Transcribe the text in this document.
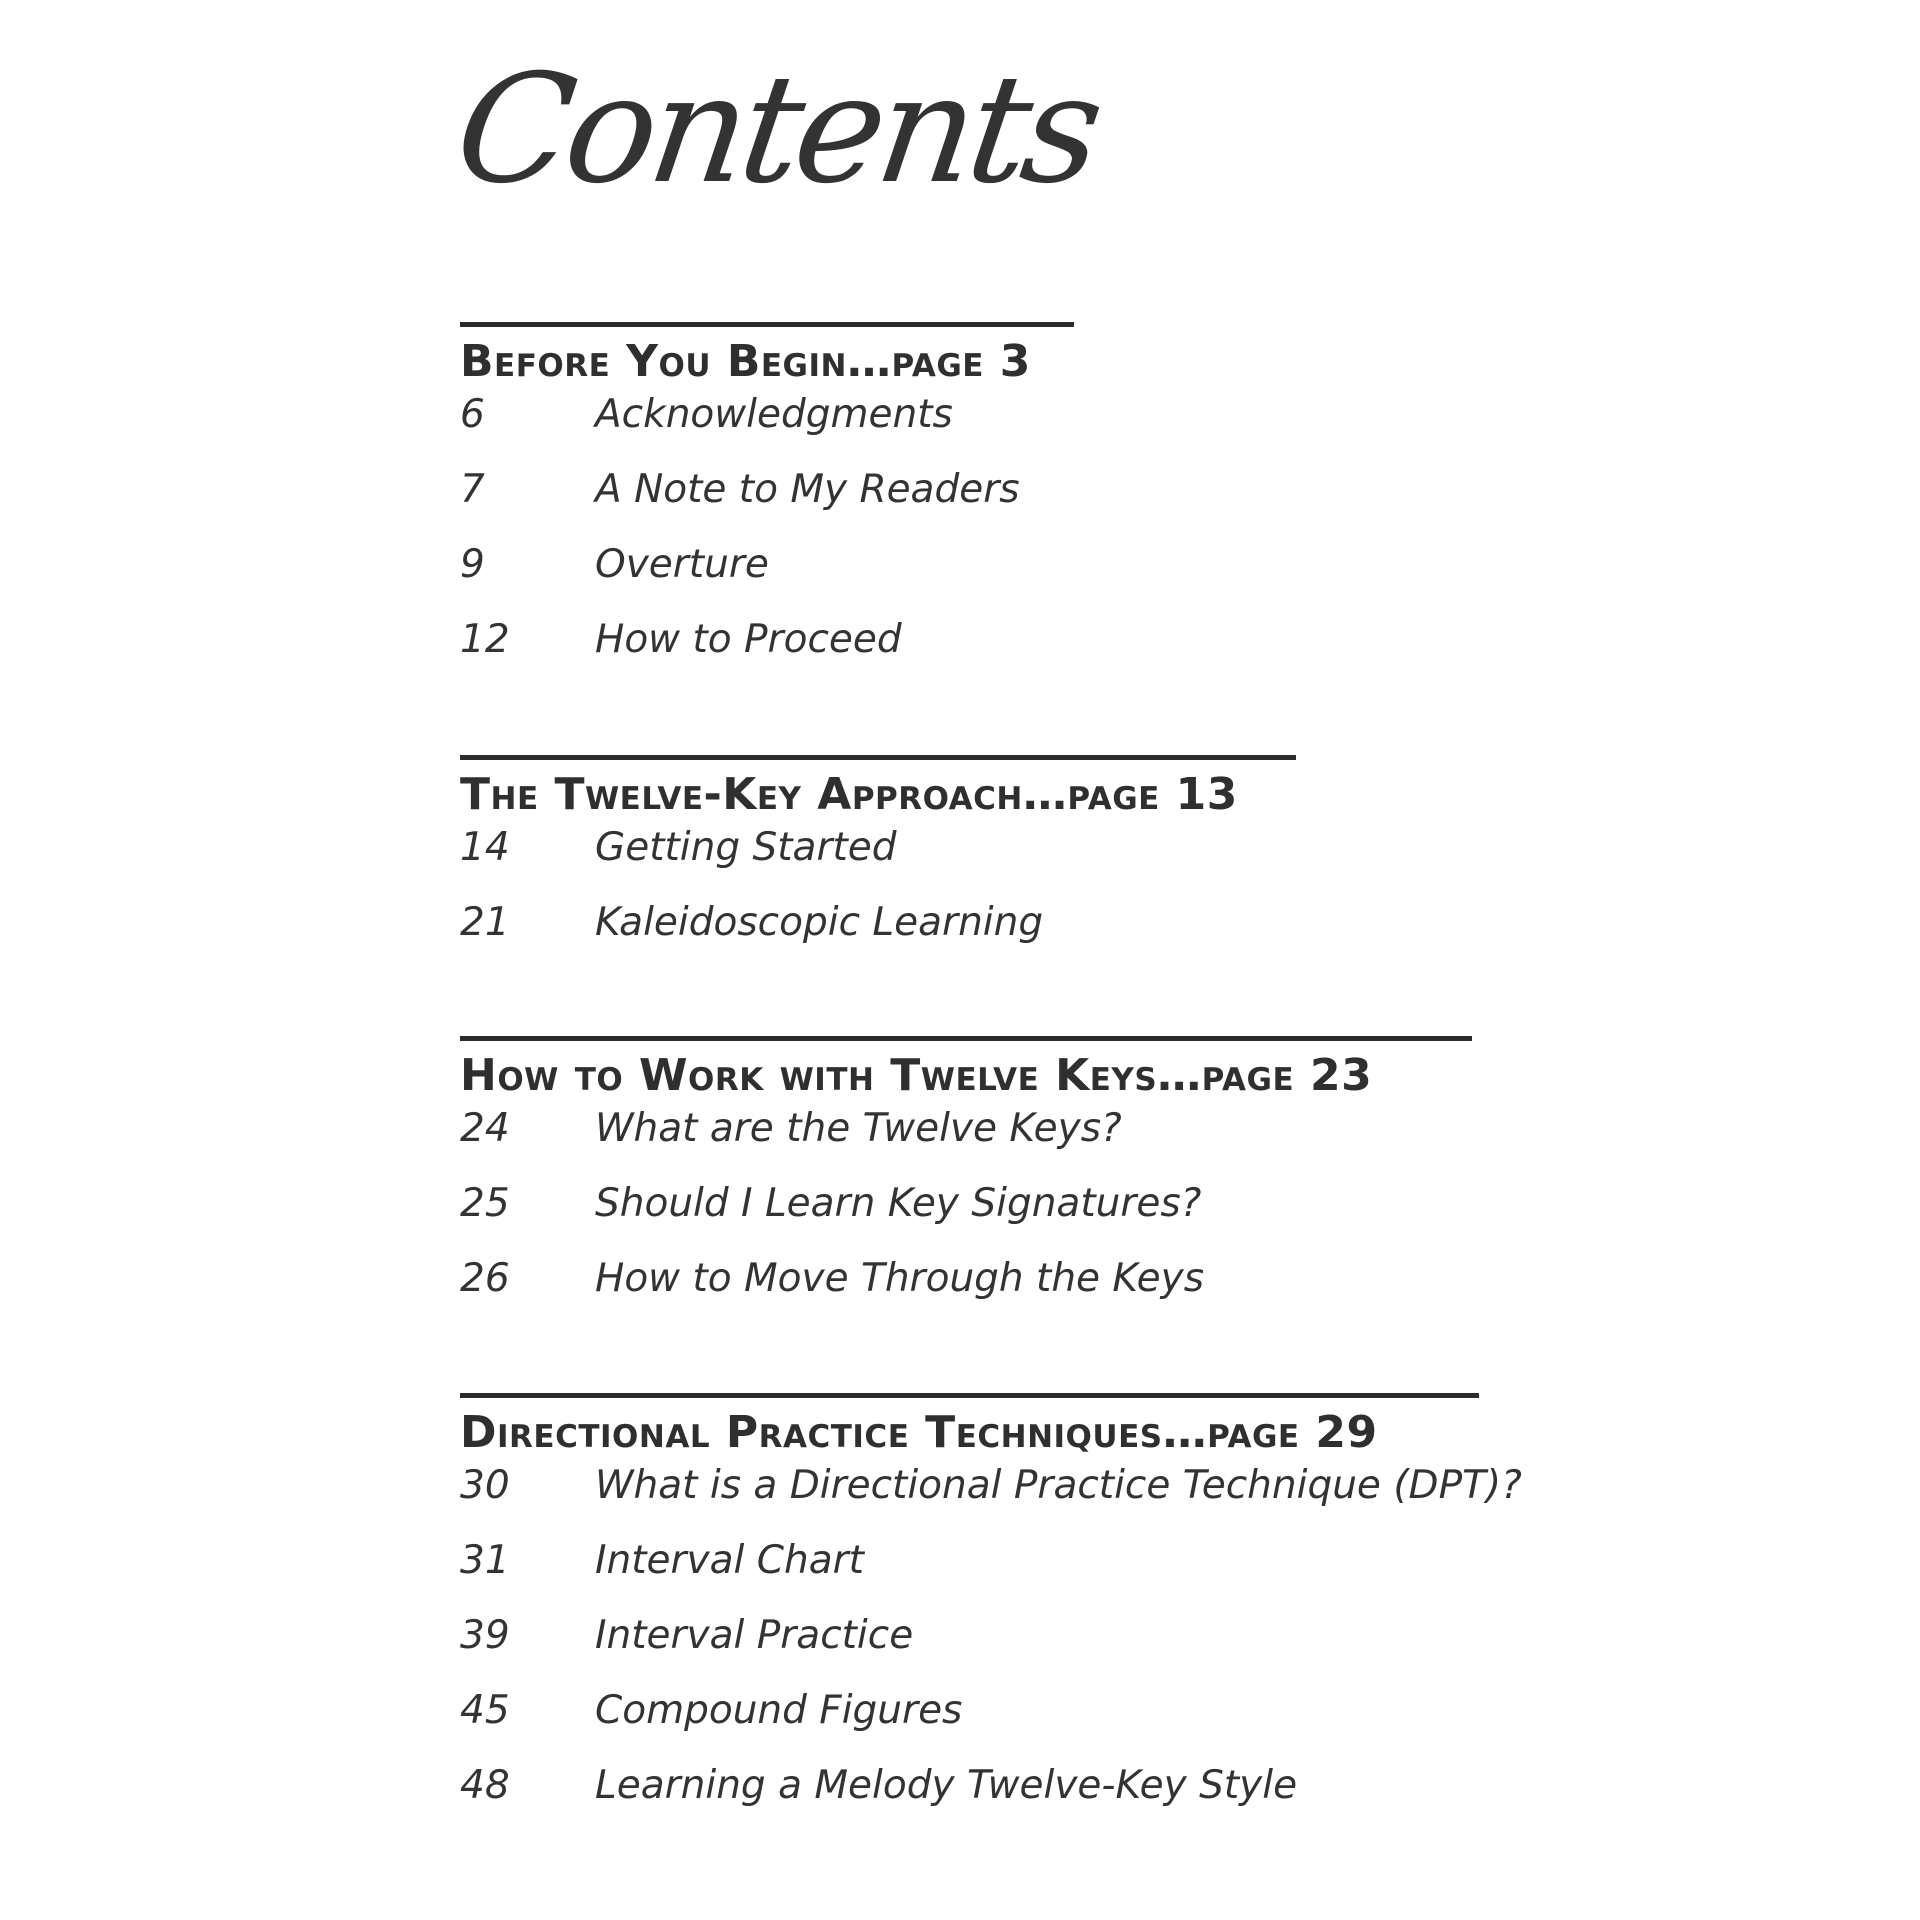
Contents
Before You Begin…page 3
6	Acknowledgments
7	A Note to My Readers
9	Overture
12	How to Proceed
The Twelve-Key Approach…page 13
14	Getting Started
21	Kaleidoscopic Learning
How to Work with Twelve Keys…page 23
24	What are the Twelve Keys?
25	Should I Learn Key Signatures?
26	How to Move Through the Keys
Directional Practice Techniques…page 29
30	What is a Directional Practice Technique (DPT)?
31	Interval Chart
39	Interval Practice
45	Compound Figures
48	Learning a Melody Twelve-Key Style
